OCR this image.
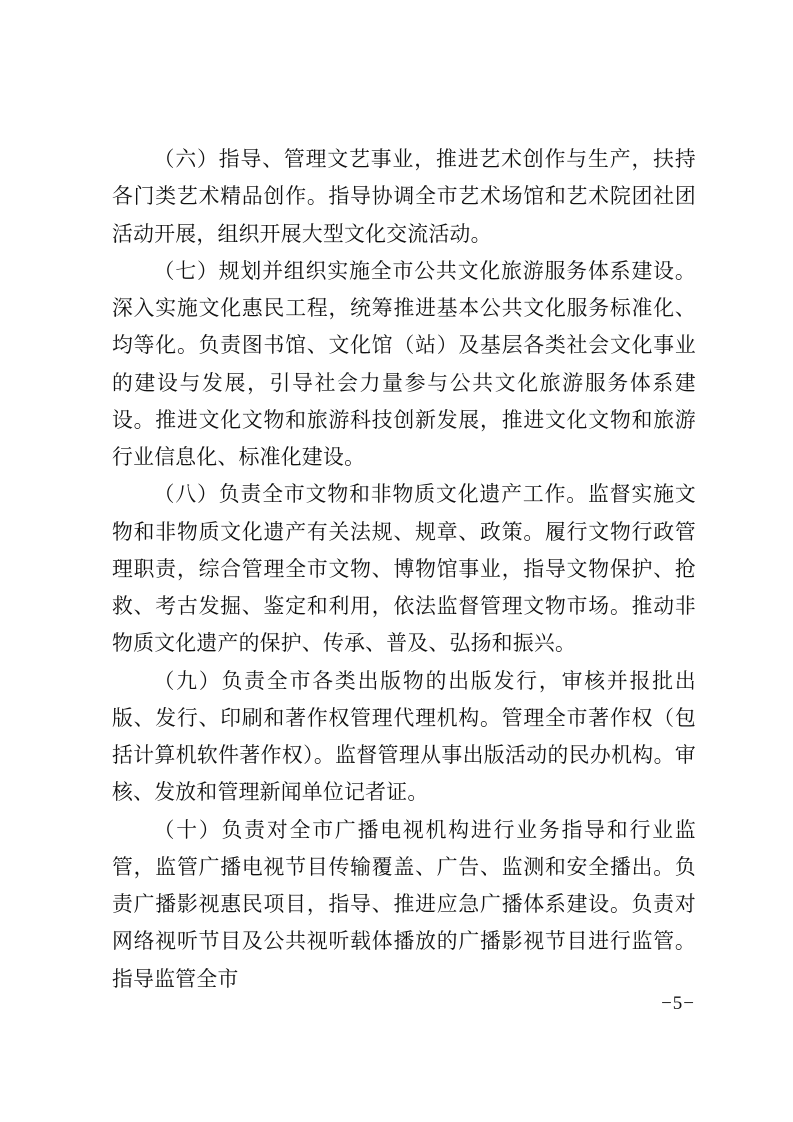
（六）指导、管理文艺事业，推进艺术创作与生产，扶持各门类艺术精品创作。指导协调全市艺术场馆和艺术院团社团活动开展，组织开展大型文化交流活动。

（七）规划并组织实施全市公共文化旅游服务体系建设。深入实施文化惠民工程，统筹推进基本公共文化服务标准化、均等化。负责图书馆、文化馆（站）及基层各类社会文化事业的建设与发展，引导社会力量参与公共文化旅游服务体系建设。推进文化文物和旅游科技创新发展，推进文化文物和旅游行业信息化、标准化建设。

（八）负责全市文物和非物质文化遗产工作。监督实施文物和非物质文化遗产有关法规、规章、政策。履行文物行政管理职责，综合管理全市文物、博物馆事业，指导文物保护、抢救、考古发掘、鉴定和利用，依法监督管理文物市场。推动非物质文化遗产的保护、传承、普及、弘扬和振兴。

（九）负责全市各类出版物的出版发行，审核并报批出版、发行、印刷和著作权管理代理机构。管理全市著作权（包括计算机软件著作权）。监督管理从事出版活动的民办机构。审核、发放和管理新闻单位记者证。

（十）负责对全市广播电视机构进行业务指导和行业监管，监管广播电视节目传输覆盖、广告、监测和安全播出。负责广播影视惠民项目，指导、推进应急广播体系建设。负责对网络视听节目及公共视听载体播放的广播影视节目进行监管。指导监管全市

−5−
